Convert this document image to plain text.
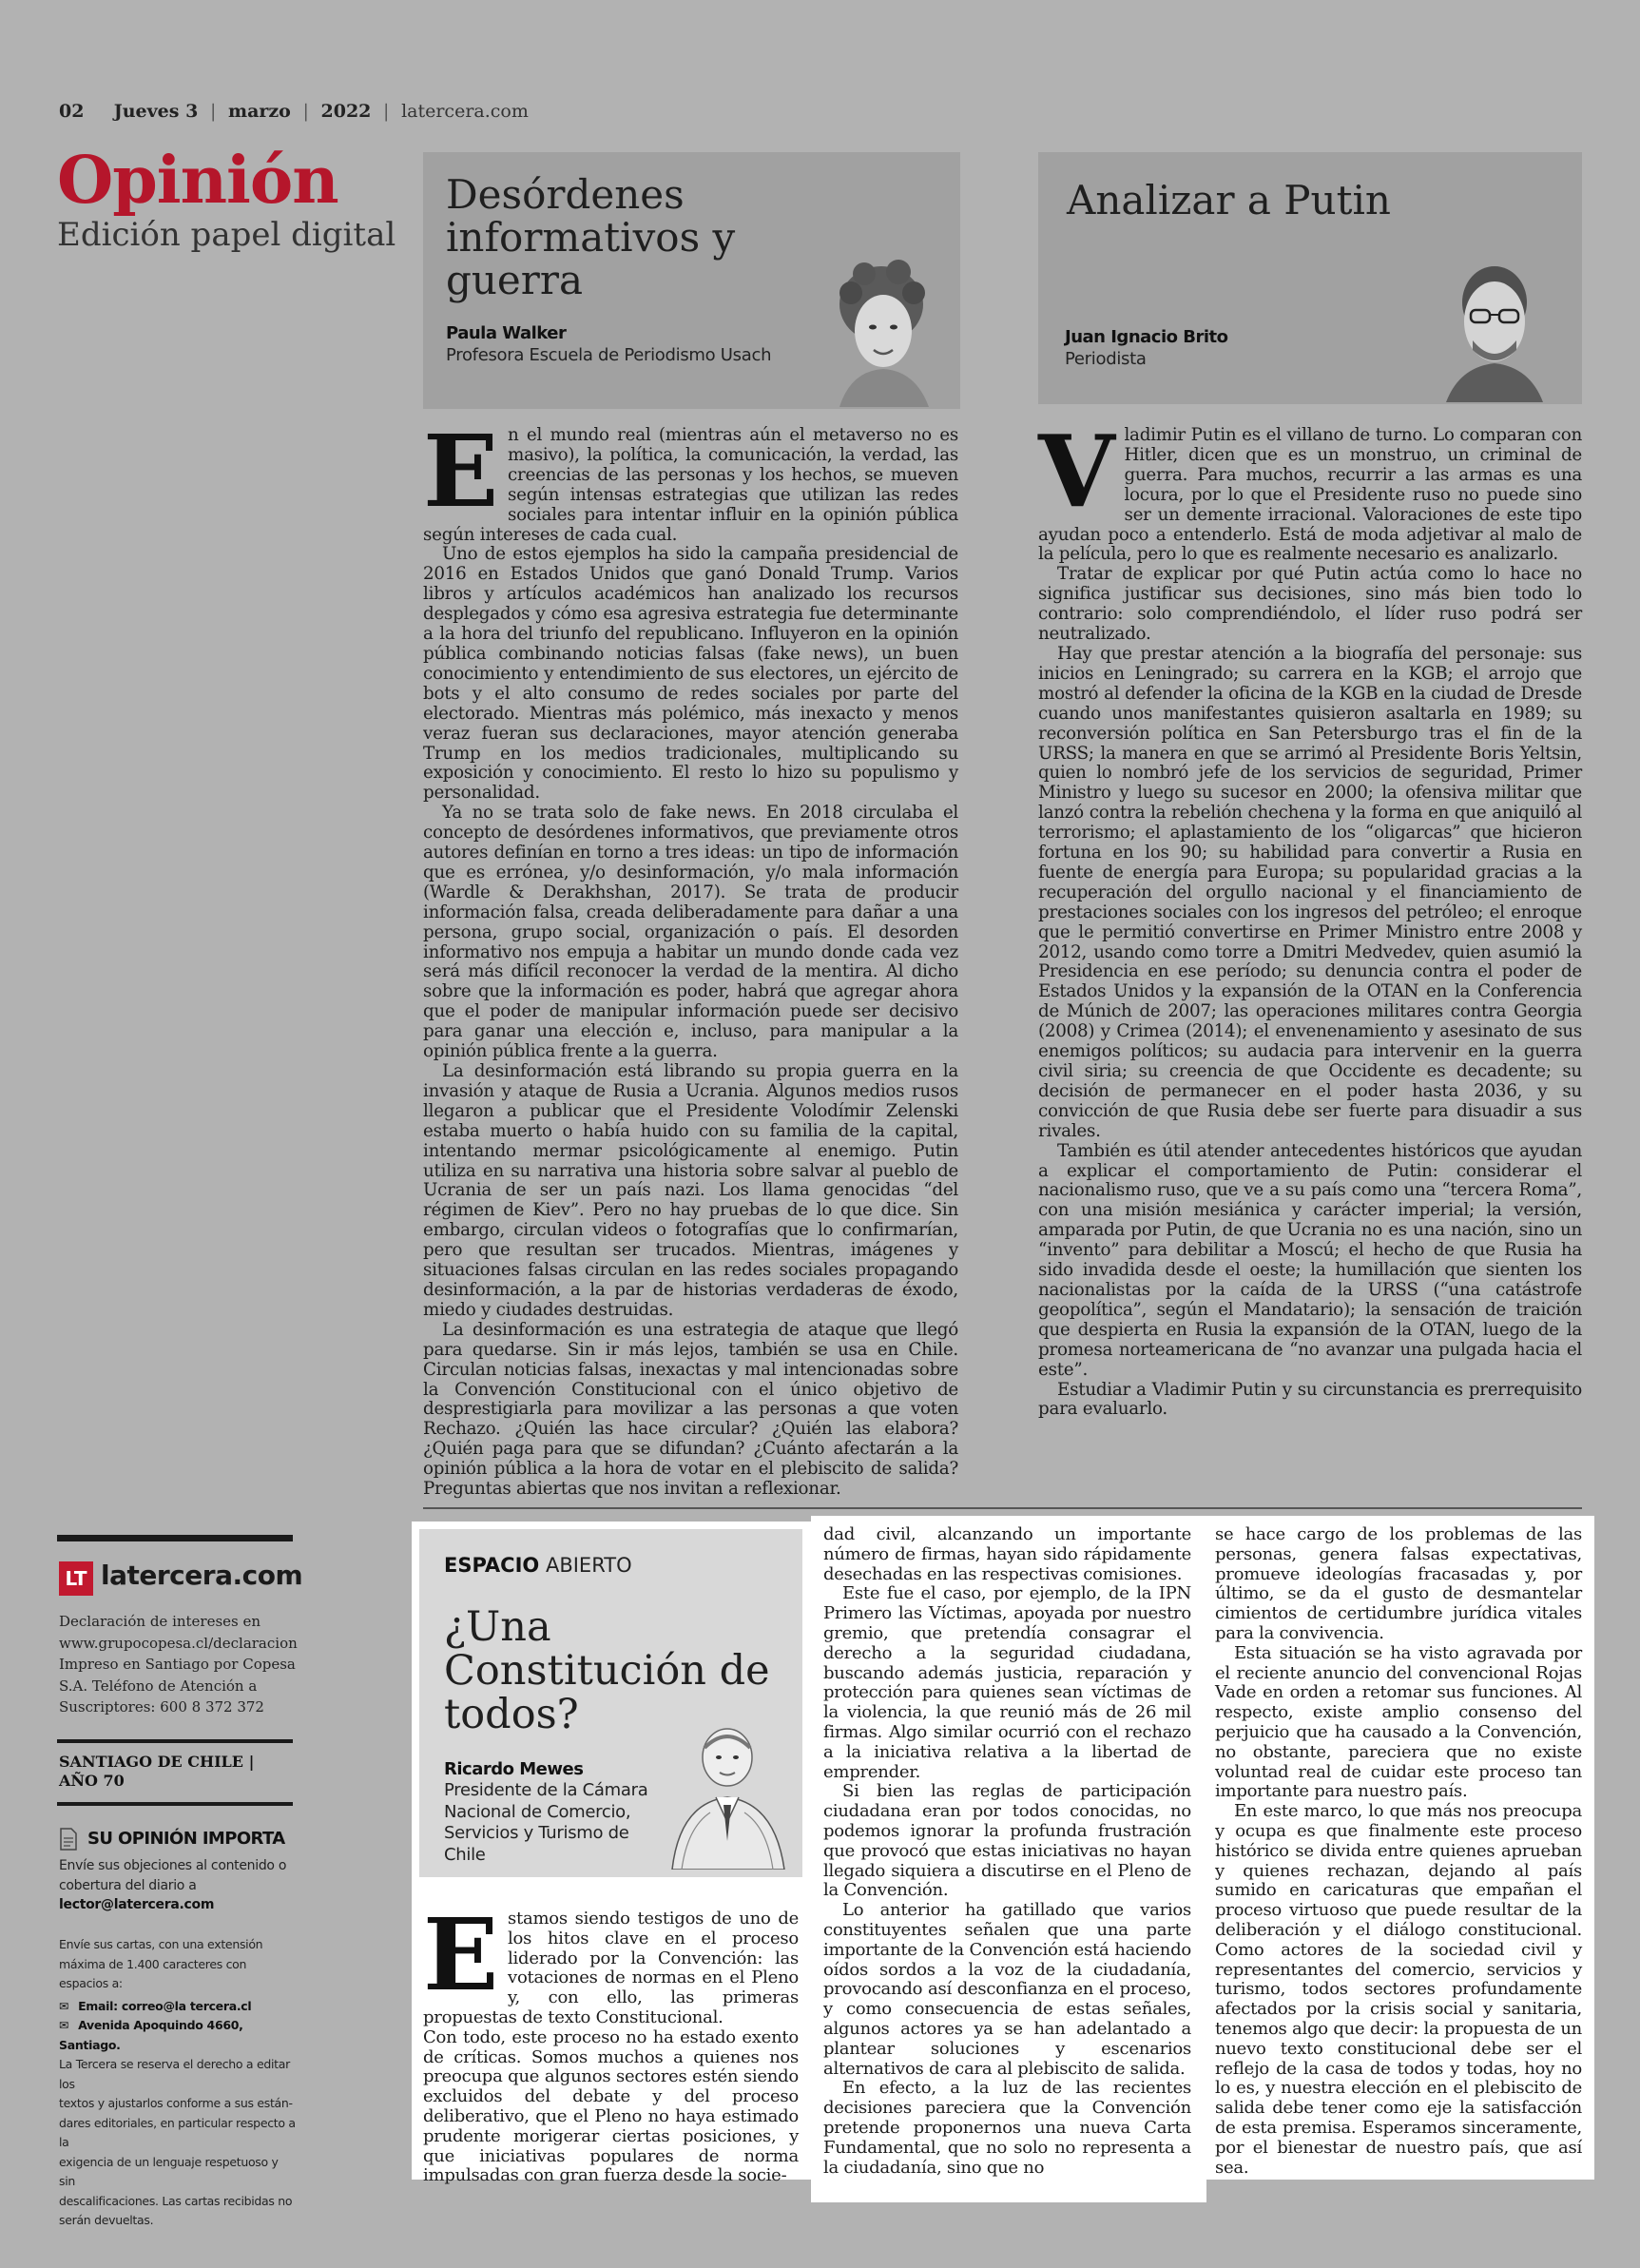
02 Jueves 3 | marzo | 2022 | latercera.com
Opinión
Edición papel digital
Desórdenes
informativos y
guerra
Paula Walker
Profesora Escuela de Periodismo Usach
Analizar a Putin
Juan Ignacio Brito
Periodista

En el mundo real (mientras aún el metaverso no es masivo), la política, la comunicación, la verdad, las creencias de las personas y los hechos, se mueven según intensas estrategias que utilizan las redes sociales para intentar influir en la opinión pública según intereses de cada cual.

Uno de estos ejemplos ha sido la campaña presidencial de 2016 en Estados Unidos que ganó Donald Trump. Varios libros y artículos académicos han analizado los recursos desplegados y cómo esa agresiva estrategia fue determinante a la hora del triunfo del republicano. Influyeron en la opinión pública combinando noticias falsas (fake news), un buen conocimiento y entendimiento de sus electores, un ejército de bots y el alto consumo de redes sociales por parte del electorado. Mientras más polémico, más inexacto y menos veraz fueran sus declaraciones, mayor atención generaba Trump en los medios tradicionales, multiplicando su exposición y conocimiento. El resto lo hizo su populismo y personalidad.

Ya no se trata solo de fake news. En 2018 circulaba el concepto de desórdenes informativos, que previamente otros autores definían en torno a tres ideas: un tipo de información que es errónea, y/o desinformación, y/o mala información (Wardle & Derakhshan, 2017). Se trata de producir información falsa, creada deliberadamente para dañar a una persona, grupo social, organización o país. El desorden informativo nos empuja a habitar un mundo donde cada vez será más difícil reconocer la verdad de la mentira. Al dicho sobre que la información es poder, habrá que agregar ahora que el poder de manipular información puede ser decisivo para ganar una elección e, incluso, para manipular a la opinión pública frente a la guerra.

La desinformación está librando su propia guerra en la invasión y ataque de Rusia a Ucrania. Algunos medios rusos llegaron a publicar que el Presidente Volodímir Zelenski estaba muerto o había huido con su familia de la capital, intentando mermar psicológicamente al enemigo. Putin utiliza en su narrativa una historia sobre salvar al pueblo de Ucrania de ser un país nazi. Los llama genocidas “del régimen de Kiev”. Pero no hay pruebas de lo que dice. Sin embargo, circulan videos o fotografías que lo confirmarían, pero que resultan ser trucados. Mientras, imágenes y situaciones falsas circulan en las redes sociales propagando desinformación, a la par de historias verdaderas de éxodo, miedo y ciudades destruidas.

La desinformación es una estrategia de ataque que llegó para quedarse. Sin ir más lejos, también se usa en Chile. Circulan noticias falsas, inexactas y mal intencionadas sobre la Convención Constitucional con el único objetivo de desprestigiarla para movilizar a las personas a que voten Rechazo. ¿Quién las hace circular? ¿Quién las elabora? ¿Quién paga para que se difundan? ¿Cuánto afectarán a la opinión pública a la hora de votar en el plebiscito de salida? Preguntas abiertas que nos invitan a reflexionar.

Vladimir Putin es el villano de turno. Lo comparan con Hitler, dicen que es un monstruo, un criminal de guerra. Para muchos, recurrir a las armas es una locura, por lo que el Presidente ruso no puede sino ser un demente irracional. Valoraciones de este tipo ayudan poco a entenderlo. Está de moda adjetivar al malo de la película, pero lo que es realmente necesario es analizarlo.

Tratar de explicar por qué Putin actúa como lo hace no significa justificar sus decisiones, sino más bien todo lo contrario: solo comprendiéndolo, el líder ruso podrá ser neutralizado.

Hay que prestar atención a la biografía del personaje: sus inicios en Leningrado; su carrera en la KGB; el arrojo que mostró al defender la oficina de la KGB en la ciudad de Dresde cuando unos manifestantes quisieron asaltarla en 1989; su reconversión política en San Petersburgo tras el fin de la URSS; la manera en que se arrimó al Presidente Boris Yeltsin, quien lo nombró jefe de los servicios de seguridad, Primer Ministro y luego su sucesor en 2000; la ofensiva militar que lanzó contra la rebelión chechena y la forma en que aniquiló al terrorismo; el aplastamiento de los “oligarcas” que hicieron fortuna en los 90; su habilidad para convertir a Rusia en fuente de energía para Europa; su popularidad gracias a la recuperación del orgullo nacional y el financiamiento de prestaciones sociales con los ingresos del petróleo; el enroque que le permitió convertirse en Primer Ministro entre 2008 y 2012, usando como torre a Dmitri Medvedev, quien asumió la Presidencia en ese período; su denuncia contra el poder de Estados Unidos y la expansión de la OTAN en la Conferencia de Múnich de 2007; las operaciones militares contra Georgia (2008) y Crimea (2014); el envenenamiento y asesinato de sus enemigos políticos; su audacia para intervenir en la guerra civil siria; su creencia de que Occidente es decadente; su decisión de permanecer en el poder hasta 2036, y su convicción de que Rusia debe ser fuerte para disuadir a sus rivales.

También es útil atender antecedentes históricos que ayudan a explicar el comportamiento de Putin: considerar el nacionalismo ruso, que ve a su país como una “tercera Roma”, con una misión mesiánica y carácter imperial; la versión, amparada por Putin, de que Ucrania no es una nación, sino un “invento” para debilitar a Moscú; el hecho de que Rusia ha sido invadida desde el oeste; la humillación que sienten los nacionalistas por la caída de la URSS (“una catástrofe geopolítica”, según el Mandatario); la sensación de traición que despierta en Rusia la expansión de la OTAN, luego de la promesa norteamericana de “no avanzar una pulgada hacia el este”.

Estudiar a Vladimir Putin y su circunstancia es prerrequisito para evaluarlo.

LT latercera.com
Declaración de intereses en
www.grupocopesa.cl/declaracion
Impreso en Santiago por Copesa
S.A. Teléfono de Atención a
Suscriptores: 600 8 372 372
SANTIAGO DE CHILE |
AÑO 70
SU OPINIÓN IMPORTA
Envíe sus objeciones al contenido o
cobertura del diario a
lector@latercera.com
Envíe sus cartas, con una extensión
máxima de 1.400 caracteres con
espacios a:
✉ Email: correo@la tercera.cl
✉ Avenida Apoquindo 4660, Santiago.
La Tercera se reserva el derecho a editar los
textos y ajustarlos conforme a sus están-
dares editoriales, en particular respecto a la
exigencia de un lenguaje respetuoso y sin
descalificaciones. Las cartas recibidas no
serán devueltas.
ESPACIO ABIERTO
¿Una
Constitución de
todos?
Ricardo Mewes
Presidente de la Cámara
Nacional de Comercio,
Servicios y Turismo de
Chile

Estamos siendo testigos de uno de los hitos clave en el proceso liderado por la Convención: las votaciones de normas en el Pleno y, con ello, las primeras propuestas de texto Constitucional.

Con todo, este proceso no ha estado exento de críticas. Somos muchos a quienes nos preocupa que algunos sectores estén siendo excluidos del debate y del proceso deliberativo, que el Pleno no haya estimado prudente morigerar ciertas posiciones, y que iniciativas populares de norma impulsadas con gran fuerza desde la socie-

dad civil, alcanzando un importante número de firmas, hayan sido rápidamente desechadas en las respectivas comisiones.

Este fue el caso, por ejemplo, de la IPN Primero las Víctimas, apoyada por nuestro gremio, que pretendía consagrar el derecho a la seguridad ciudadana, buscando además justicia, reparación y protección para quienes sean víctimas de la violencia, la que reunió más de 26 mil firmas. Algo similar ocurrió con el rechazo a la iniciativa relativa a la libertad de emprender.

Si bien las reglas de participación ciudadana eran por todos conocidas, no podemos ignorar la profunda frustración que provocó que estas iniciativas no hayan llegado siquiera a discutirse en el Pleno de la Convención.

Lo anterior ha gatillado que varios constituyentes señalen que una parte importante de la Convención está haciendo oídos sordos a la voz de la ciudadanía, provocando así desconfianza en el proceso, y como consecuencia de estas señales, algunos actores ya se han adelantado a plantear soluciones y escenarios alternativos de cara al plebiscito de salida.

En efecto, a la luz de las recientes decisiones pareciera que la Convención pretende proponernos una nueva Carta Fundamental, que no solo no representa a la ciudadanía, sino que no

se hace cargo de los problemas de las personas, genera falsas expectativas, promueve ideologías fracasadas y, por último, se da el gusto de desmantelar cimientos de certidumbre jurídica vitales para la convivencia.

Esta situación se ha visto agravada por el reciente anuncio del convencional Rojas Vade en orden a retomar sus funciones. Al respecto, existe amplio consenso del perjuicio que ha causado a la Convención, no obstante, pareciera que no existe voluntad real de cuidar este proceso tan importante para nuestro país.

En este marco, lo que más nos preocupa y ocupa es que finalmente este proceso histórico se divida entre quienes aprueban y quienes rechazan, dejando al país sumido en caricaturas que empañan el proceso virtuoso que puede resultar de la deliberación y el diálogo constitucional. Como actores de la sociedad civil y representantes del comercio, servicios y turismo, todos sectores profundamente afectados por la crisis social y sanitaria, tenemos algo que decir: la propuesta de un nuevo texto constitucional debe ser el reflejo de la casa de todos y todas, hoy no lo es, y nuestra elección en el plebiscito de salida debe tener como eje la satisfacción de esta premisa. Esperamos sinceramente, por el bienestar de nuestro país, que así sea.
